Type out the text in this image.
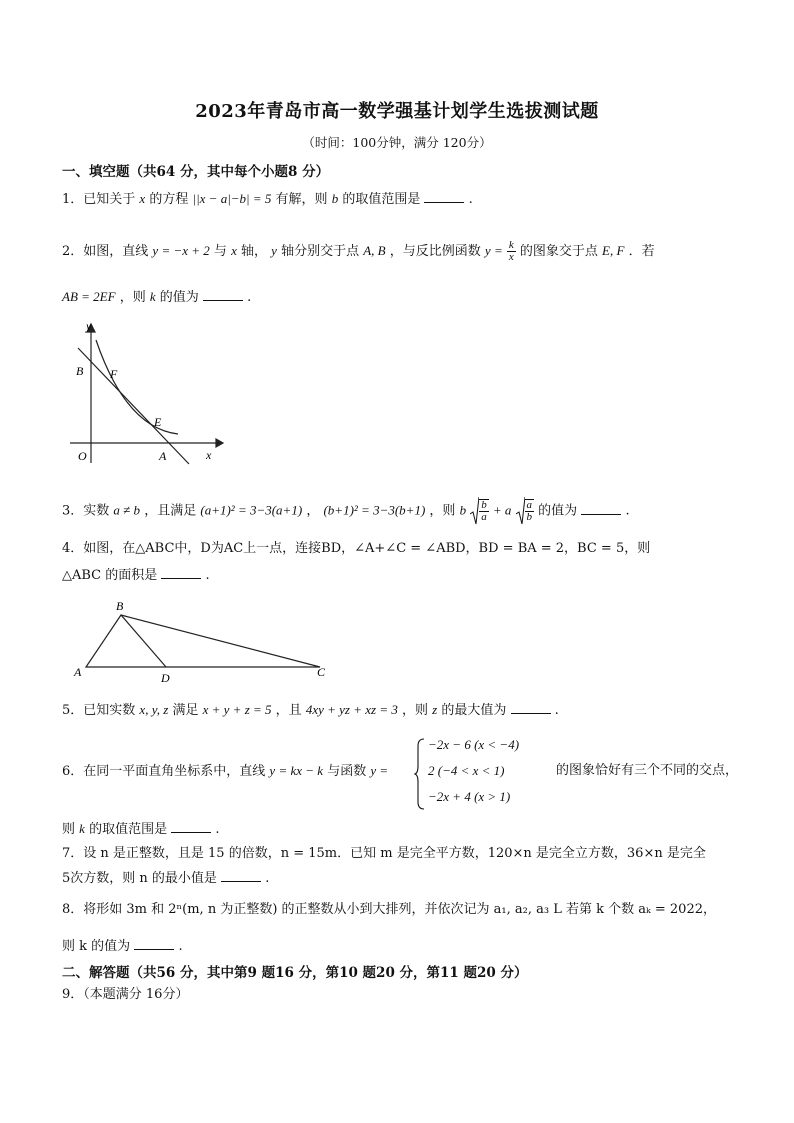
2023年青岛市高一数学强基计划学生选拔测试题
（时间：100分钟，满分 120分）
一、填空题（共64 分，其中每个小题8 分）
1．已知关于 x 的方程 ||x − a|−b| = 5 有解，则 b 的取值范围是	.
2．如图，直线 y = −x + 2 与 x 轴， y 轴分别交于点 A, B ，与反比例函数 $y = \frac{k}{x}$ 的图象交于点 E, F ．若
AB = 2EF ，则 k 的值为	.
y
B F
E
O	A	x
3．实数 a ≠ b ，且满足 (a+1)² = 3−3(a+1) ， (b+1)² = 3−3(b+1) ，则 b $\frac{b}{a} + a \frac{a}{b}$ 的值为	.
4．如图，在△ABC中，D为AC上一点，连接BD，∠A+∠C = ∠ABD，BD = BA = 2，BC = 5，则
△ABC 的面积是	.
B
A	D	C
5．已知实数 x, y, z 满足 x + y + z = 5 ，且 4xy + yz + xz = 3 ，则 z 的最大值为	.
6．在同一平面直角坐标系中，直线 y = kx − k 与函数 y =
−2x − 6 (x < −4)
2 (−4 < x < 1)
−2x + 4 (x > 1)
的图象恰好有三个不同的交点，
则 k 的取值范围是	.
7．设 n 是正整数，且是 15 的倍数，n = 15m．已知 m 是完全平方数，120×n 是完全立方数，36×n 是完全
5次方数，则 n 的最小值是	.
8．将形如 3m 和 2ⁿ(m, n 为正整数) 的正整数从小到大排列，并依次记为 a₁, a₂, a₃ L 若第 k 个数 aₖ = 2022，
则 k 的值为	.
二、解答题（共56 分，其中第9 题16 分，第10 题20 分，第11 题20 分）
9．（本题满分 16分）
